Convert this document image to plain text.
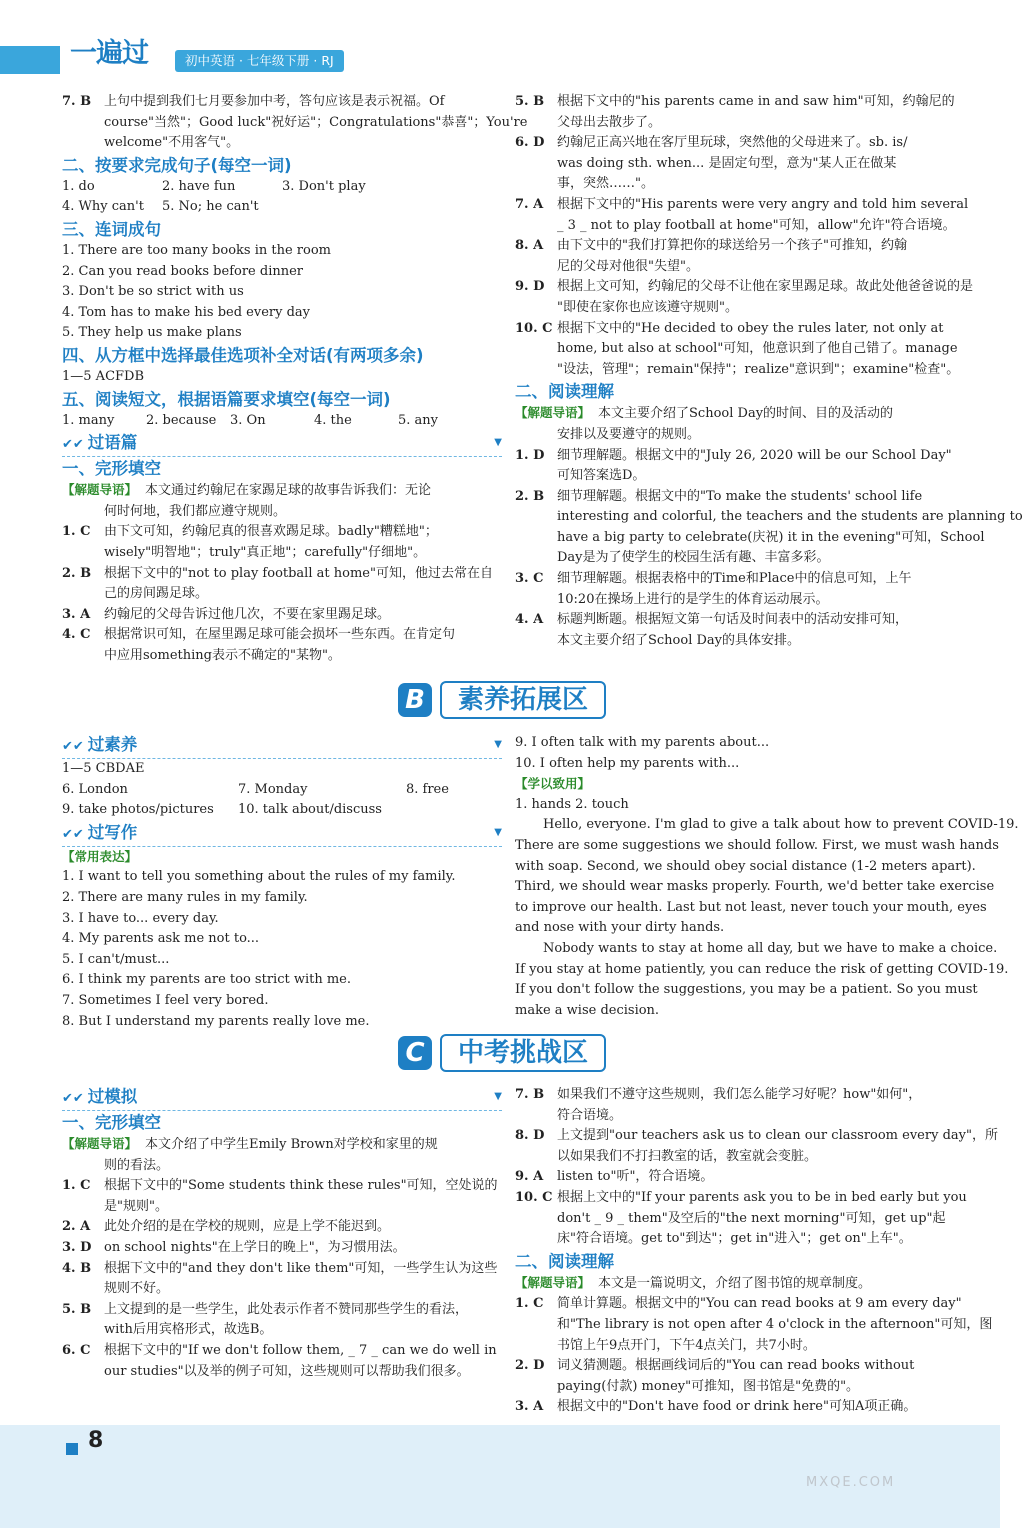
一遍过	初中英语 · 七年级下册 · RJ
7. B 上句中提到我们七月要参加中考，答句应该是表示祝福。Of
course"当然"；Good luck"祝好运"；Congratulations"恭喜"；You're
welcome"不用客气"。
二、按要求完成句子(每空一词)
1. do	2. have fun	3. Don't play
4. Why can't 5. No; he can't
三、连词成句
1. There are too many books in the room
2. Can you read books before dinner
3. Don't be so strict with us
4. Tom has to make his bed every day
5. They help us make plans
四、从方框中选择最佳选项补全对话(有两项多余)
1—5 ACFDB
五、阅读短文，根据语篇要求填空(每空一词)
1. many 2. because 3. On	4. the	5. any
✔✔ 过语篇	▼
一、完形填空
【解题导语】 本文通过约翰尼在家踢足球的故事告诉我们：无论
何时何地，我们都应遵守规则。
1. C 由下文可知，约翰尼真的很喜欢踢足球。badly"糟糕地"；
wisely"明智地"；truly"真正地"；carefully"仔细地"。
2. B 根据下文中的"not to play football at home"可知，他过去常在自
己的房间踢足球。
3. A 约翰尼的父母告诉过他几次，不要在家里踢足球。
4. C 根据常识可知，在屋里踢足球可能会损坏一些东西。在肯定句
中应用something表示不确定的"某物"。
5. B 根据下文中的"his parents came in and saw him"可知，约翰尼的
父母出去散步了。
6. D 约翰尼正高兴地在客厅里玩球，突然他的父母进来了。sb. is/
was doing sth. when... 是固定句型，意为"某人正在做某
事，突然……"。
7. A 根据下文中的"His parents were very angry and told him several
_ 3 _ not to play football at home"可知，allow"允许"符合语境。
8. A 由下文中的"我们打算把你的球送给另一个孩子"可推知，约翰
尼的父母对他很"失望"。
9. D 根据上文可知，约翰尼的父母不让他在家里踢足球。故此处他爸爸说的是
"即使在家你也应该遵守规则"。
10. C 根据下文中的"He decided to obey the rules later, not only at
home, but also at school"可知，他意识到了他自己错了。manage
"设法，管理"；remain"保持"；realize"意识到"；examine"检查"。
二、阅读理解
【解题导语】 本文主要介绍了School Day的时间、目的及活动的
安排以及要遵守的规则。
1. D 细节理解题。根据文中的"July 26, 2020 will be our School Day"
可知答案选D。
2. B 细节理解题。根据文中的"To make the students' school life
interesting and colorful, the teachers and the students are planning to
have a big party to celebrate(庆祝) it in the evening"可知，School
Day是为了使学生的校园生活有趣、丰富多彩。
3. C 细节理解题。根据表格中的Time和Place中的信息可知，上午
10:20在操场上进行的是学生的体育运动展示。
4. A 标题判断题。根据短文第一句话及时间表中的活动安排可知，
本文主要介绍了School Day的具体安排。
B	素养拓展区
✔✔ 过素养	▼
1—5 CBDAE
6. London	7. Monday	8. free
9. take photos/pictures 10. talk about/discuss
✔✔ 过写作	▼
【常用表达】
1. I want to tell you something about the rules of my family.
2. There are many rules in my family.
3. I have to... every day.
4. My parents ask me not to...
5. I can't/must...
6. I think my parents are too strict with me.
7. Sometimes I feel very bored.
8. But I understand my parents really love me.
9. I often talk with my parents about...
10. I often help my parents with...
【学以致用】
1. hands 2. touch
Hello, everyone. I'm glad to give a talk about how to prevent COVID-19.
There are some suggestions we should follow. First, we must wash hands
with soap. Second, we should obey social distance (1-2 meters apart).
Third, we should wear masks properly. Fourth, we'd better take exercise
to improve our health. Last but not least, never touch your mouth, eyes
and nose with your dirty hands.
Nobody wants to stay at home all day, but we have to make a choice.
If you stay at home patiently, you can reduce the risk of getting COVID-19.
If you don't follow the suggestions, you may be a patient. So you must
make a wise decision.
C	中考挑战区
✔✔ 过模拟	▼
一、完形填空
【解题导语】 本文介绍了中学生Emily Brown对学校和家里的规
则的看法。
1. C 根据下文中的"Some students think these rules"可知，空处说的
是"规则"。
2. A 此处介绍的是在学校的规则，应是上学不能迟到。
3. D on school nights"在上学日的晚上"，为习惯用法。
4. B 根据下文中的"and they don't like them"可知，一些学生认为这些
规则不好。
5. B 上文提到的是一些学生，此处表示作者不赞同那些学生的看法，
with后用宾格形式，故选B。
6. C 根据下文中的"If we don't follow them, _ 7 _ can we do well in
our studies"以及举的例子可知，这些规则可以帮助我们很多。
7. B 如果我们不遵守这些规则，我们怎么能学习好呢？how"如何"，
符合语境。
8. D 上文提到"our teachers ask us to clean our classroom every day"，所
以如果我们不打扫教室的话，教室就会变脏。
9. A listen to"听"，符合语境。
10. C 根据上文中的"If your parents ask you to be in bed early but you
don't _ 9 _ them"及空后的"the next morning"可知，get up"起
床"符合语境。get to"到达"；get in"进入"；get on"上车"。
二、阅读理解
【解题导语】 本文是一篇说明文，介绍了图书馆的规章制度。
1. C 简单计算题。根据文中的"You can read books at 9 am every day"
和"The library is not open after 4 o'clock in the afternoon"可知，图
书馆上午9点开门，下午4点关门，共7小时。
2. D 词义猜测题。根据画线词后的"You can read books without
paying(付款) money"可推知，图书馆是"免费的"。
3. A 根据文中的"Don't have food or drink here"可知A项正确。
8
MXQE.COM
